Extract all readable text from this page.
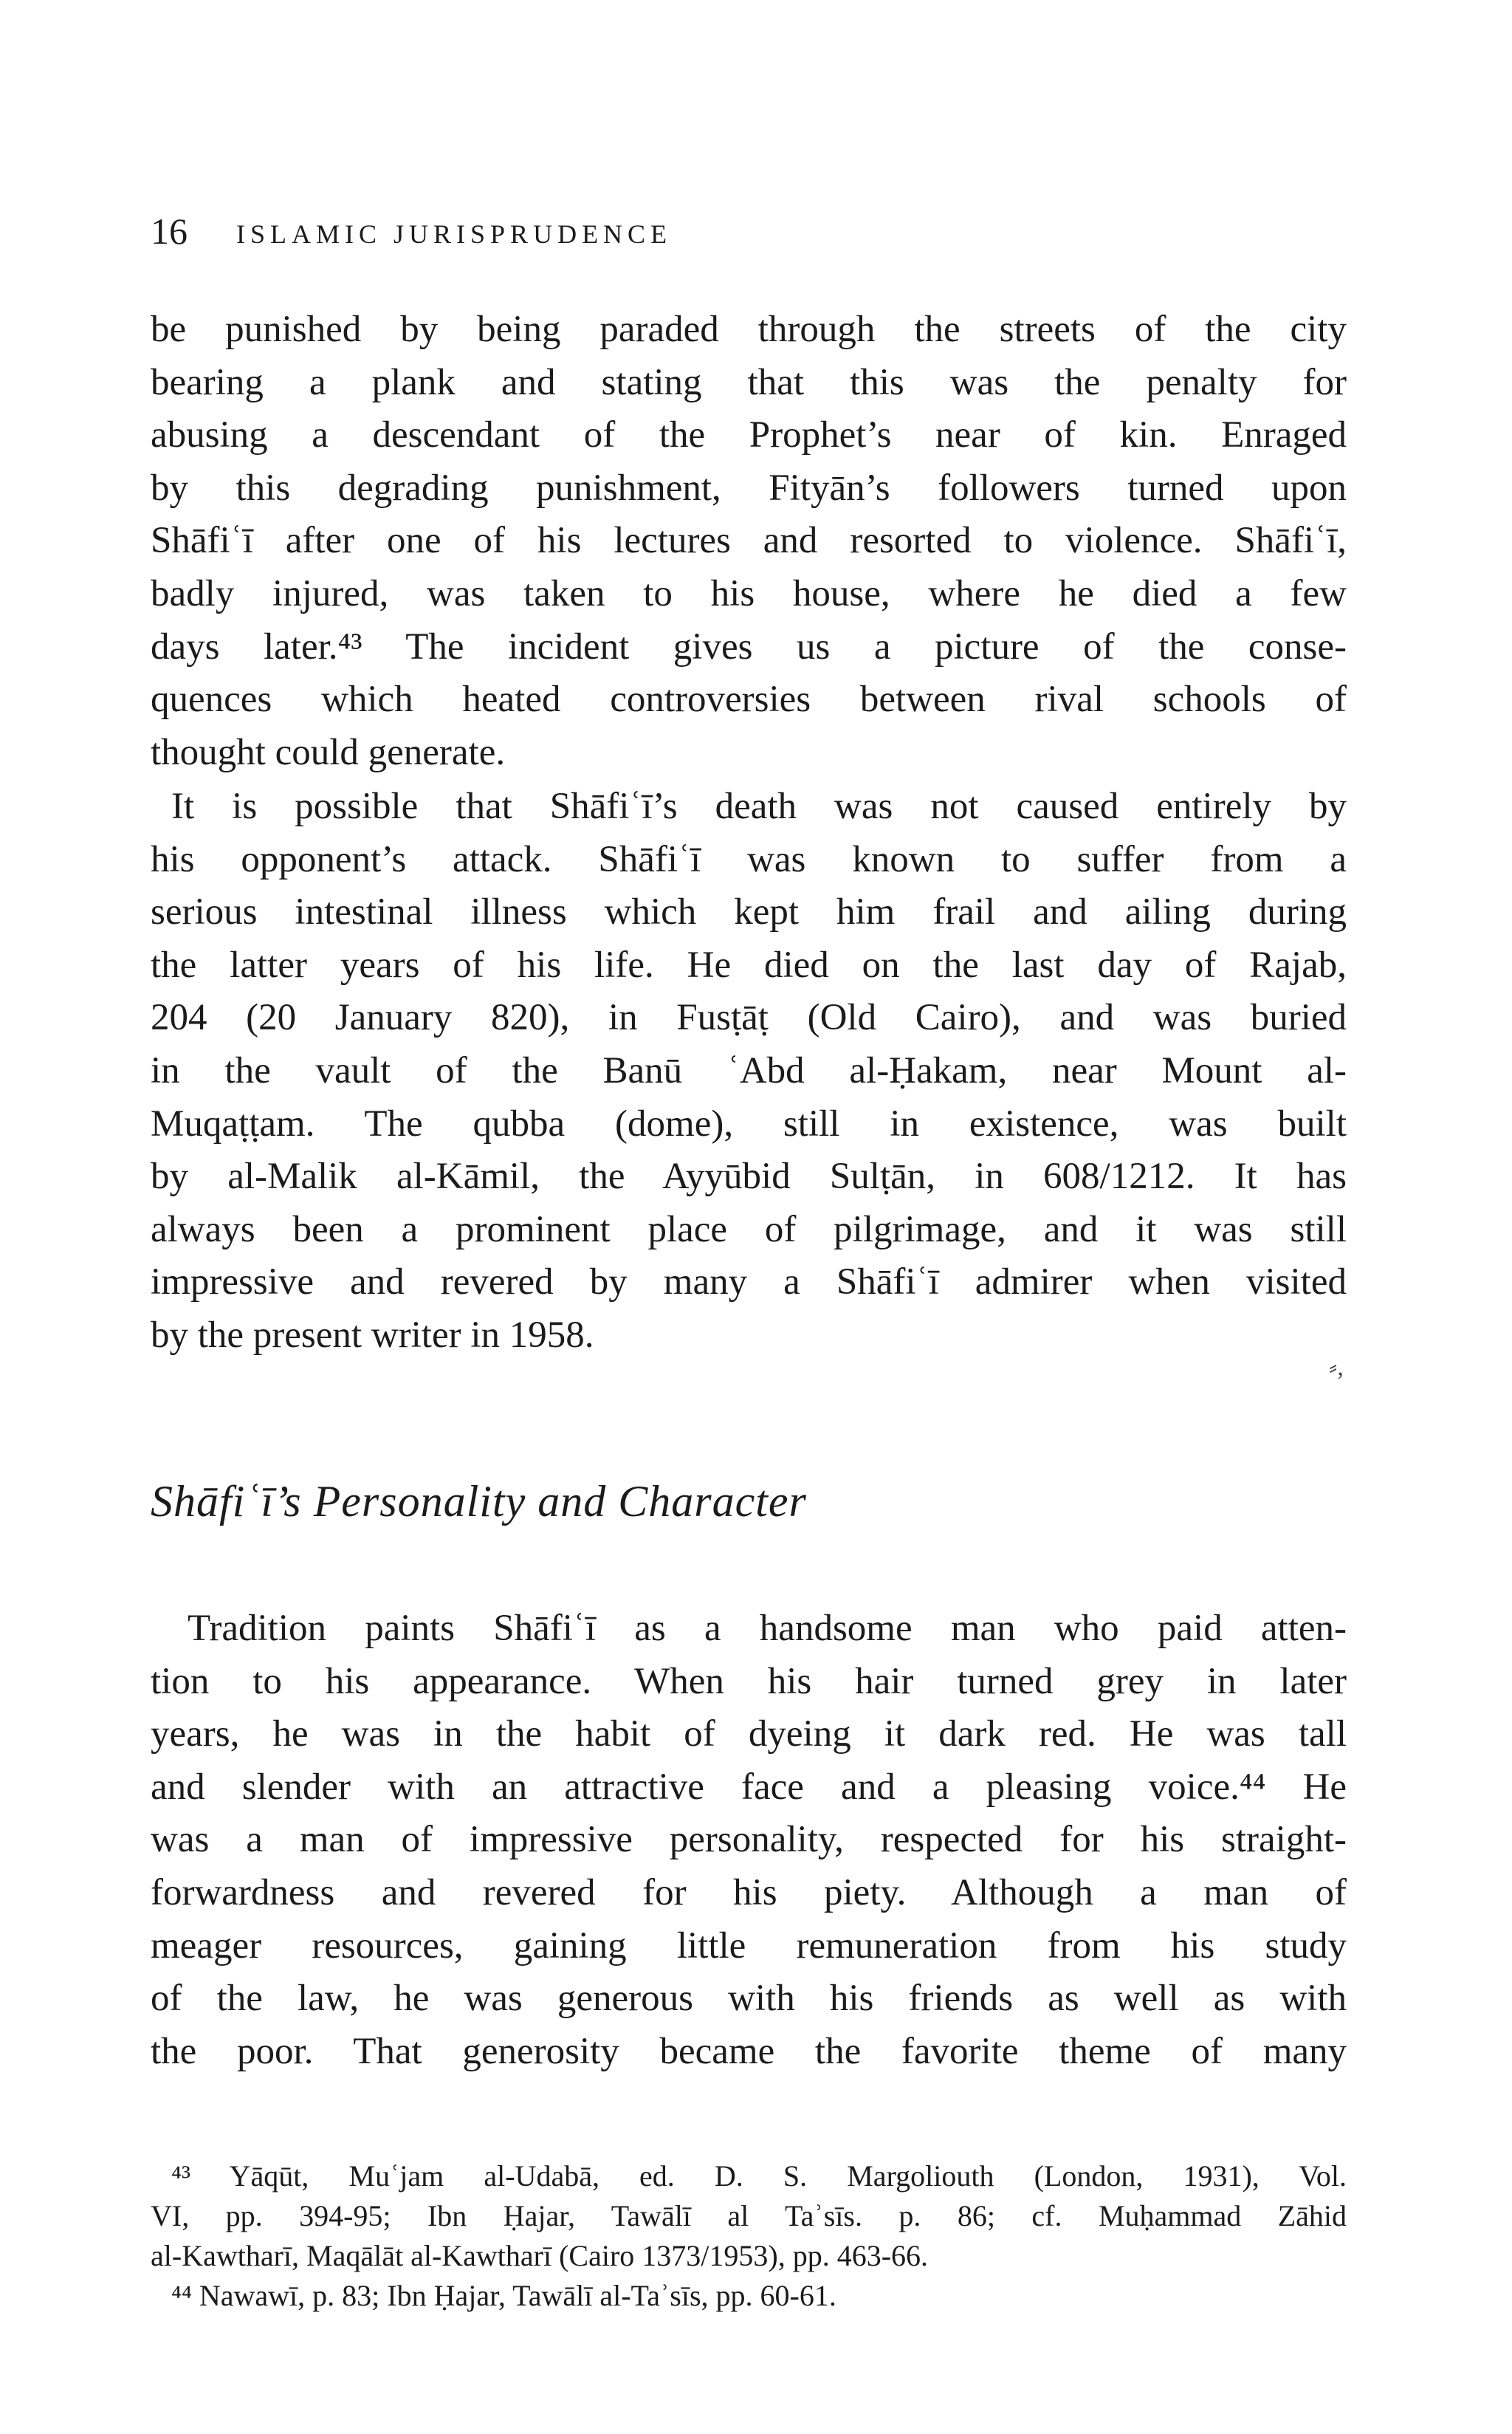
16 ISLAMIC JURISPRUDENCE
be punished by being paraded through the streets of the city
bearing a plank and stating that this was the penalty for
abusing a descendant of the Prophet’s near of kin. Enraged
by this degrading punishment, Fityān’s followers turned upon
Shāfiʿī after one of his lectures and resorted to violence. Shāfiʿī,
badly injured, was taken to his house, where he died a few
days later.⁴³ The incident gives us a picture of the conse-
quences which heated controversies between rival schools of
thought could generate.
It is possible that Shāfiʿī’s death was not caused entirely by
his opponent’s attack. Shāfiʿī was known to suffer from a
serious intestinal illness which kept him frail and ailing during
the latter years of his life. He died on the last day of Rajab,
204 (20 January 820), in Fusṭāṭ (Old Cairo), and was buried
in the vault of the Banū ʿAbd al-Ḥakam, near Mount al-
Muqaṭṭam. The qubba (dome), still in existence, was built
by al-Malik al-Kāmil, the Ayyūbid Sulṭān, in 608/1212. It has
always been a prominent place of pilgrimage, and it was still
impressive and revered by many a Shāfiʿī admirer when visited
by the present writer in 1958.
⸗,
Shāfiʿī’s Personality and Character
Tradition paints Shāfiʿī as a handsome man who paid atten-
tion to his appearance. When his hair turned grey in later
years, he was in the habit of dyeing it dark red. He was tall
and slender with an attractive face and a pleasing voice.⁴⁴ He
was a man of impressive personality, respected for his straight-
forwardness and revered for his piety. Although a man of
meager resources, gaining little remuneration from his study
of the law, he was generous with his friends as well as with
the poor. That generosity became the favorite theme of many
⁴³ Yāqūt, Muʿjam al-Udabā, ed. D. S. Margoliouth (London, 1931), Vol.
VI, pp. 394-95; Ibn Ḥajar, Tawālī al Taʾsīs. p. 86; cf. Muḥammad Zāhid
al-Kawtharī, Maqālāt al-Kawtharī (Cairo 1373/1953), pp. 463-66.
⁴⁴ Nawawī, p. 83; Ibn Ḥajar, Tawālī al-Taʾsīs, pp. 60-61.
